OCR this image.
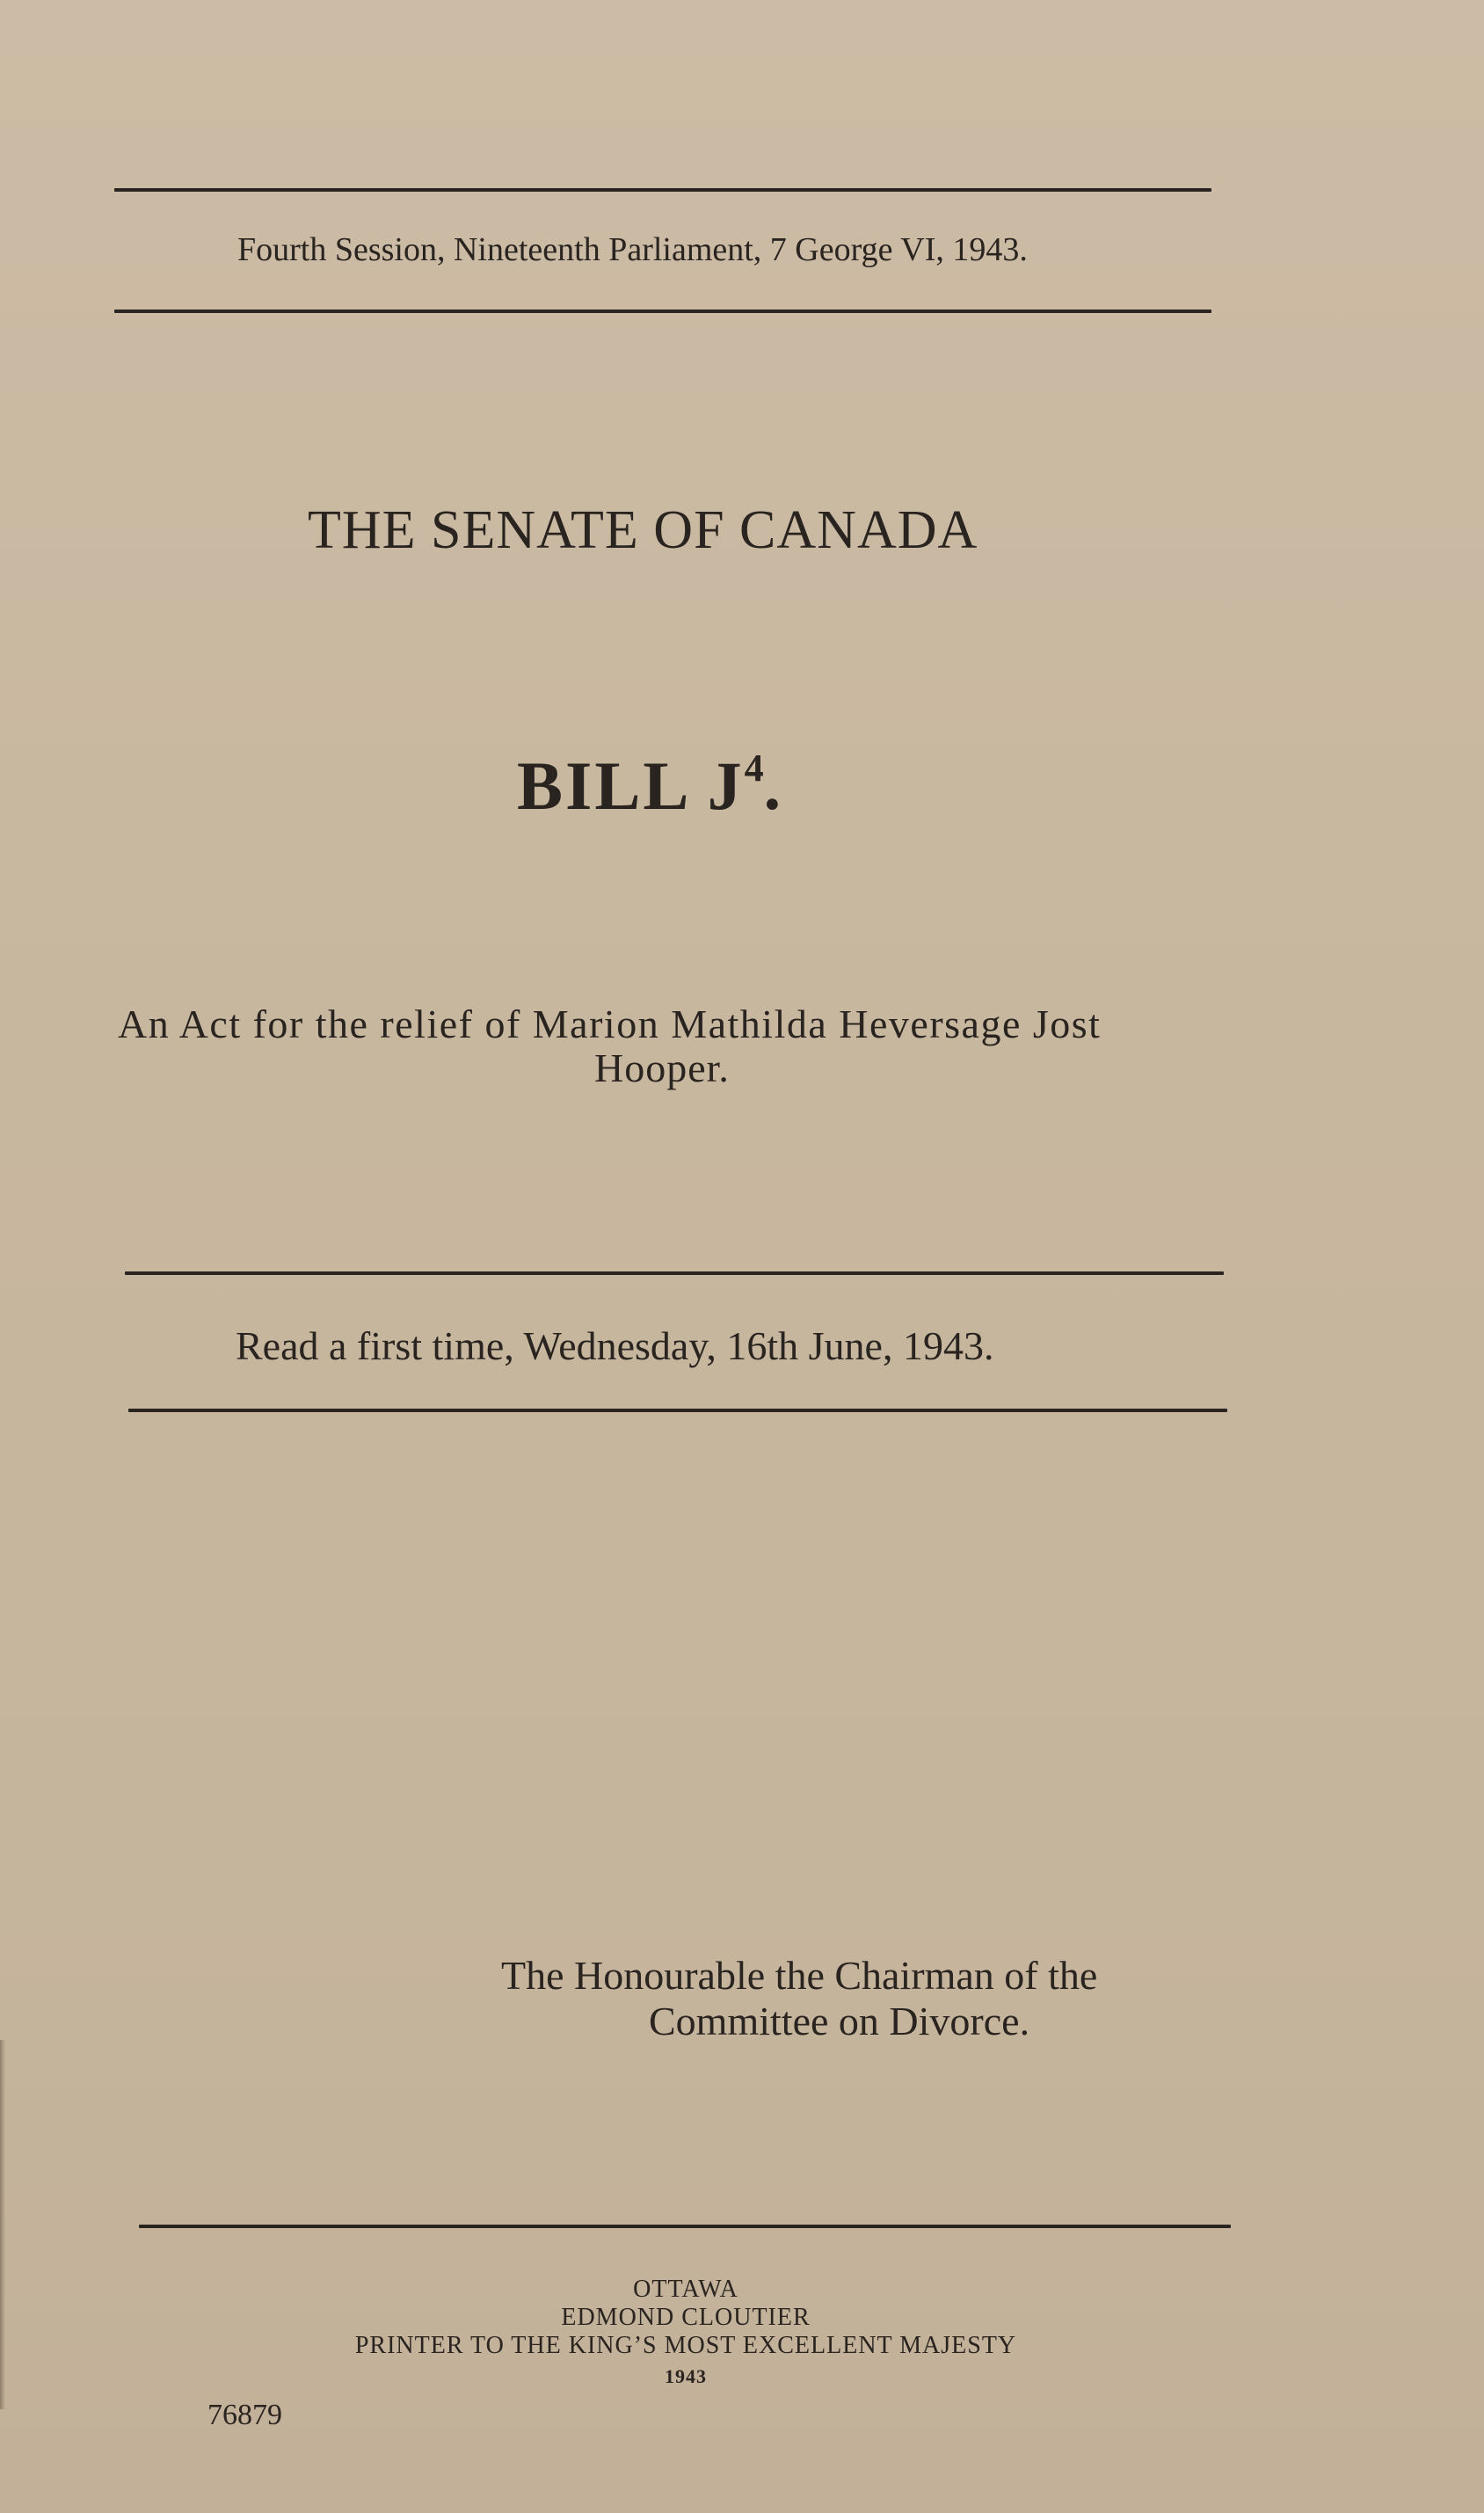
Fourth Session, Nineteenth Parliament, 7 George VI, 1943.
THE SENATE OF CANADA
BILL $J^4$.
An Act for the relief of Marion Mathilda Heversage Jost
Hooper.
Read a first time, Wednesday, 16th June, 1943.
The Honourable the Chairman of the
Committee on Divorce.
OTTAWA
EDMOND CLOUTIER
PRINTER TO THE KING’S MOST EXCELLENT MAJESTY
1943
76879
